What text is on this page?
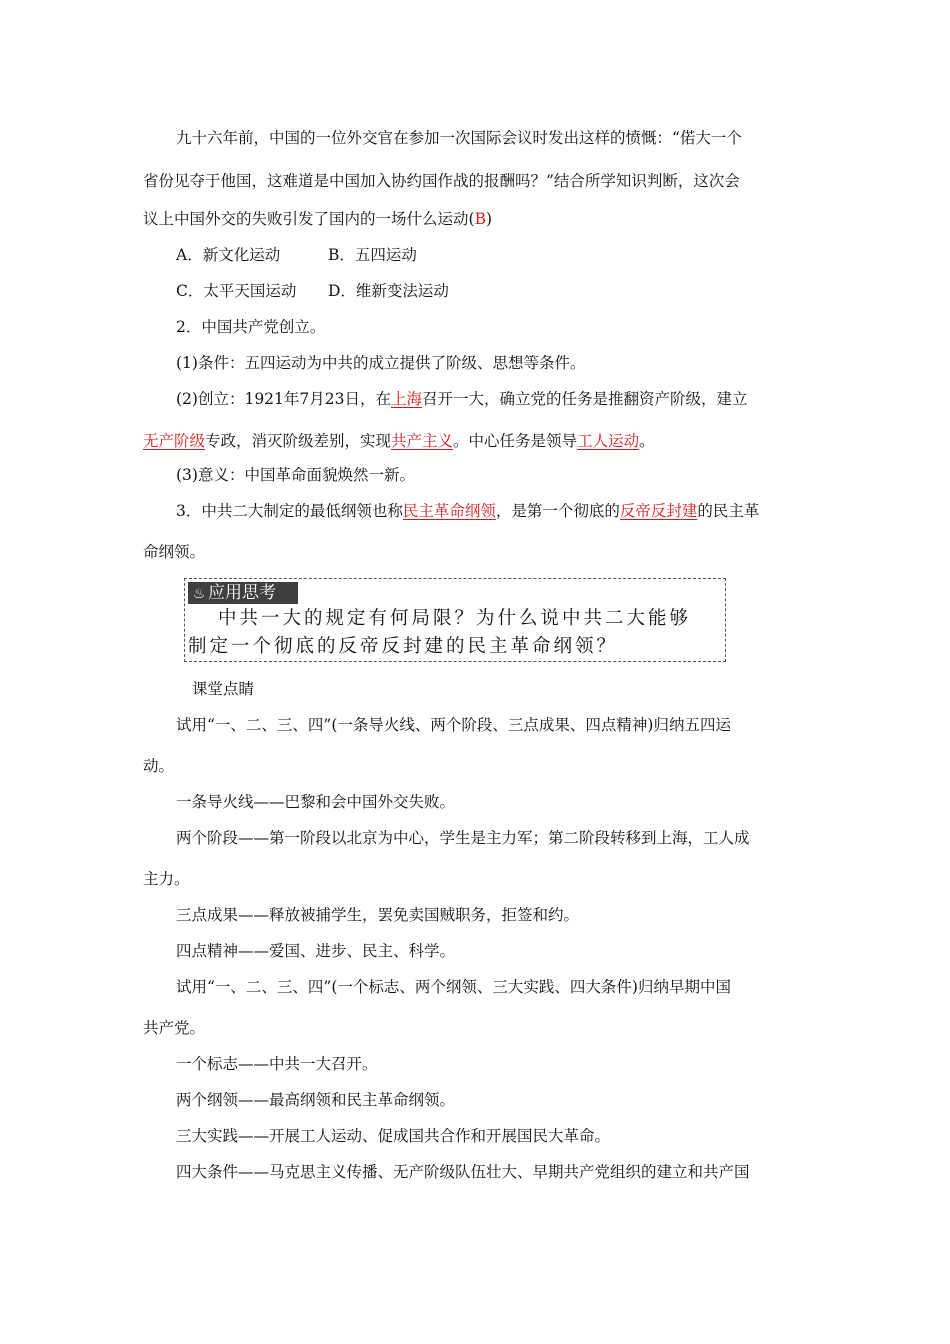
九十六年前，中国的一位外交官在参加一次国际会议时发出这样的愤慨：“偌大一个
省份见夺于他国，这难道是中国加入协约国作战的报酬吗？”结合所学知识判断，这次会
议上中国外交的失败引发了国内的一场什么运动(B)
A．新文化运动	B．五四运动
C．太平天国运动 D．维新变法运动
2．中国共产党创立。
(1)条件：五四运动为中共的成立提供了阶级、思想等条件。
(2)创立：1921年7月23日，在上海召开一大，确立党的任务是推翻资产阶级，建立
无产阶级专政，消灭阶级差别，实现共产主义。中心任务是领导工人运动。
(3)意义：中国革命面貌焕然一新。
3．中共二大制定的最低纲领也称民主革命纲领，是第一个彻底的反帝反封建的民主革
命纲领。
♨ 应用思考
中共一大的规定有何局限？为什么说中共二大能够
制定一个彻底的反帝反封建的民主革命纲领？
课堂点睛
试用“一、二、三、四”(一条导火线、两个阶段、三点成果、四点精神)归纳五四运
动。
一条导火线——巴黎和会中国外交失败。
两个阶段——第一阶段以北京为中心，学生是主力军；第二阶段转移到上海，工人成
主力。
三点成果——释放被捕学生，罢免卖国贼职务，拒签和约。
四点精神——爱国、进步、民主、科学。
试用“一、二、三、四”(一个标志、两个纲领、三大实践、四大条件)归纳早期中国
共产党。
一个标志——中共一大召开。
两个纲领——最高纲领和民主革命纲领。
三大实践——开展工人运动、促成国共合作和开展国民大革命。
四大条件——马克思主义传播、无产阶级队伍壮大、早期共产党组织的建立和共产国
